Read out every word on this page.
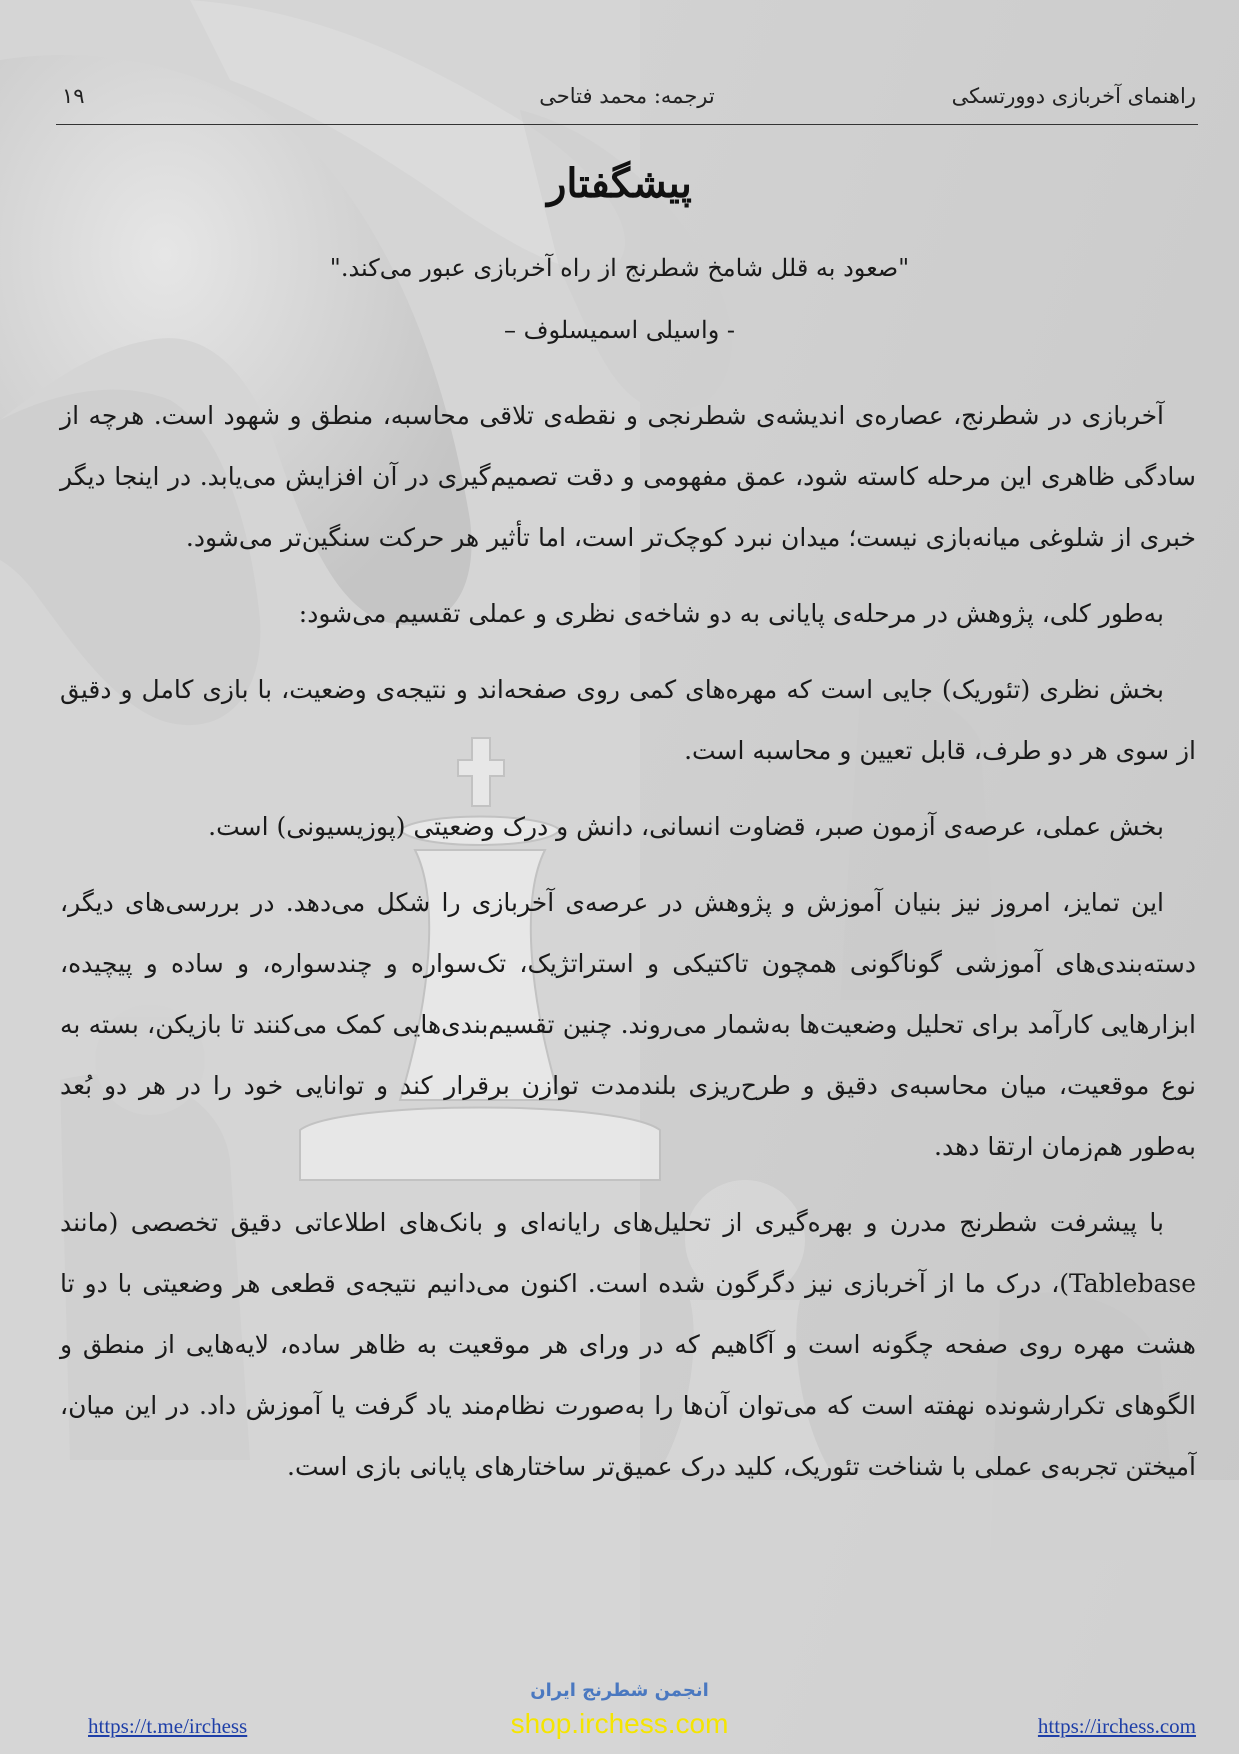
راهنمای آخربازی دوورتسکی
ترجمه: محمد فتاحی
۱۹
پیشگفتار
"صعود به قلل شامخ شطرنج از راه آخربازی عبور می‌کند."
- واسیلی اسمیسلوف –

آخربازی در شطرنج، عصاره‌ی اندیشه‌ی شطرنجی و نقطه‌ی تلاقی محاسبه، منطق و شهود است. هرچه از سادگی ظاهری این مرحله کاسته شود، عمق مفهومی و دقت تصمیم‌گیری در آن افزایش می‌یابد. در اینجا دیگر خبری از شلوغی میانه‌بازی نیست؛ میدان نبرد کوچک‌تر است، اما تأثیر هر حرکت سنگین‌تر می‌شود.

به‌طور کلی، پژوهش در مرحله‌ی پایانی به دو شاخه‌ی نظری و عملی تقسیم می‌شود:

بخش نظری (تئوریک) جایی است که مهره‌های کمی روی صفحه‌اند و نتیجه‌ی وضعیت، با بازی کامل و دقیق از سوی هر دو طرف، قابل تعیین و محاسبه است.

بخش عملی، عرصه‌ی آزمون صبر، قضاوت انسانی، دانش و درک وضعیتی (پوزیسیونی) است.

این تمایز، امروز نیز بنیان آموزش و پژوهش در عرصه‌ی آخربازی را شکل می‌دهد. در بررسی‌های دیگر، دسته‌بندی‌های آموزشی گوناگونی همچون تاکتیکی و استراتژیک، تک‌سواره و چندسواره، و ساده و پیچیده، ابزارهایی کارآمد برای تحلیل وضعیت‌ها به‌شمار می‌روند. چنین تقسیم‌بندی‌هایی کمک می‌کنند تا بازیکن، بسته به نوع موقعیت، میان محاسبه‌ی دقیق و طرح‌ریزی بلندمدت توازن برقرار کند و توانایی خود را در هر دو بُعد به‌طور هم‌زمان ارتقا دهد.

با پیشرفت شطرنج مدرن و بهره‌گیری از تحلیل‌های رایانه‌ای و بانک‌های اطلاعاتی دقیق تخصصی (مانند Tablebase)، درک ما از آخربازی نیز دگرگون شده است. اکنون می‌دانیم نتیجه‌ی قطعی هر وضعیتی با دو تا هشت مهره روی صفحه چگونه است و آگاهیم که در ورای هر موقعیت به ظاهر ساده، لایه‌هایی از منطق و الگوهای تکرارشونده نهفته است که می‌توان آن‌ها را به‌صورت نظام‌مند یاد گرفت یا آموزش داد. در این میان، آمیختن تجربه‌ی عملی با شناخت تئوریک، کلید درک عمیق‌تر ساختارهای پایانی بازی است.

انجمن شطرنج ایران
shop.irchess.com
https://t.me/irchess	https://irchess.com
